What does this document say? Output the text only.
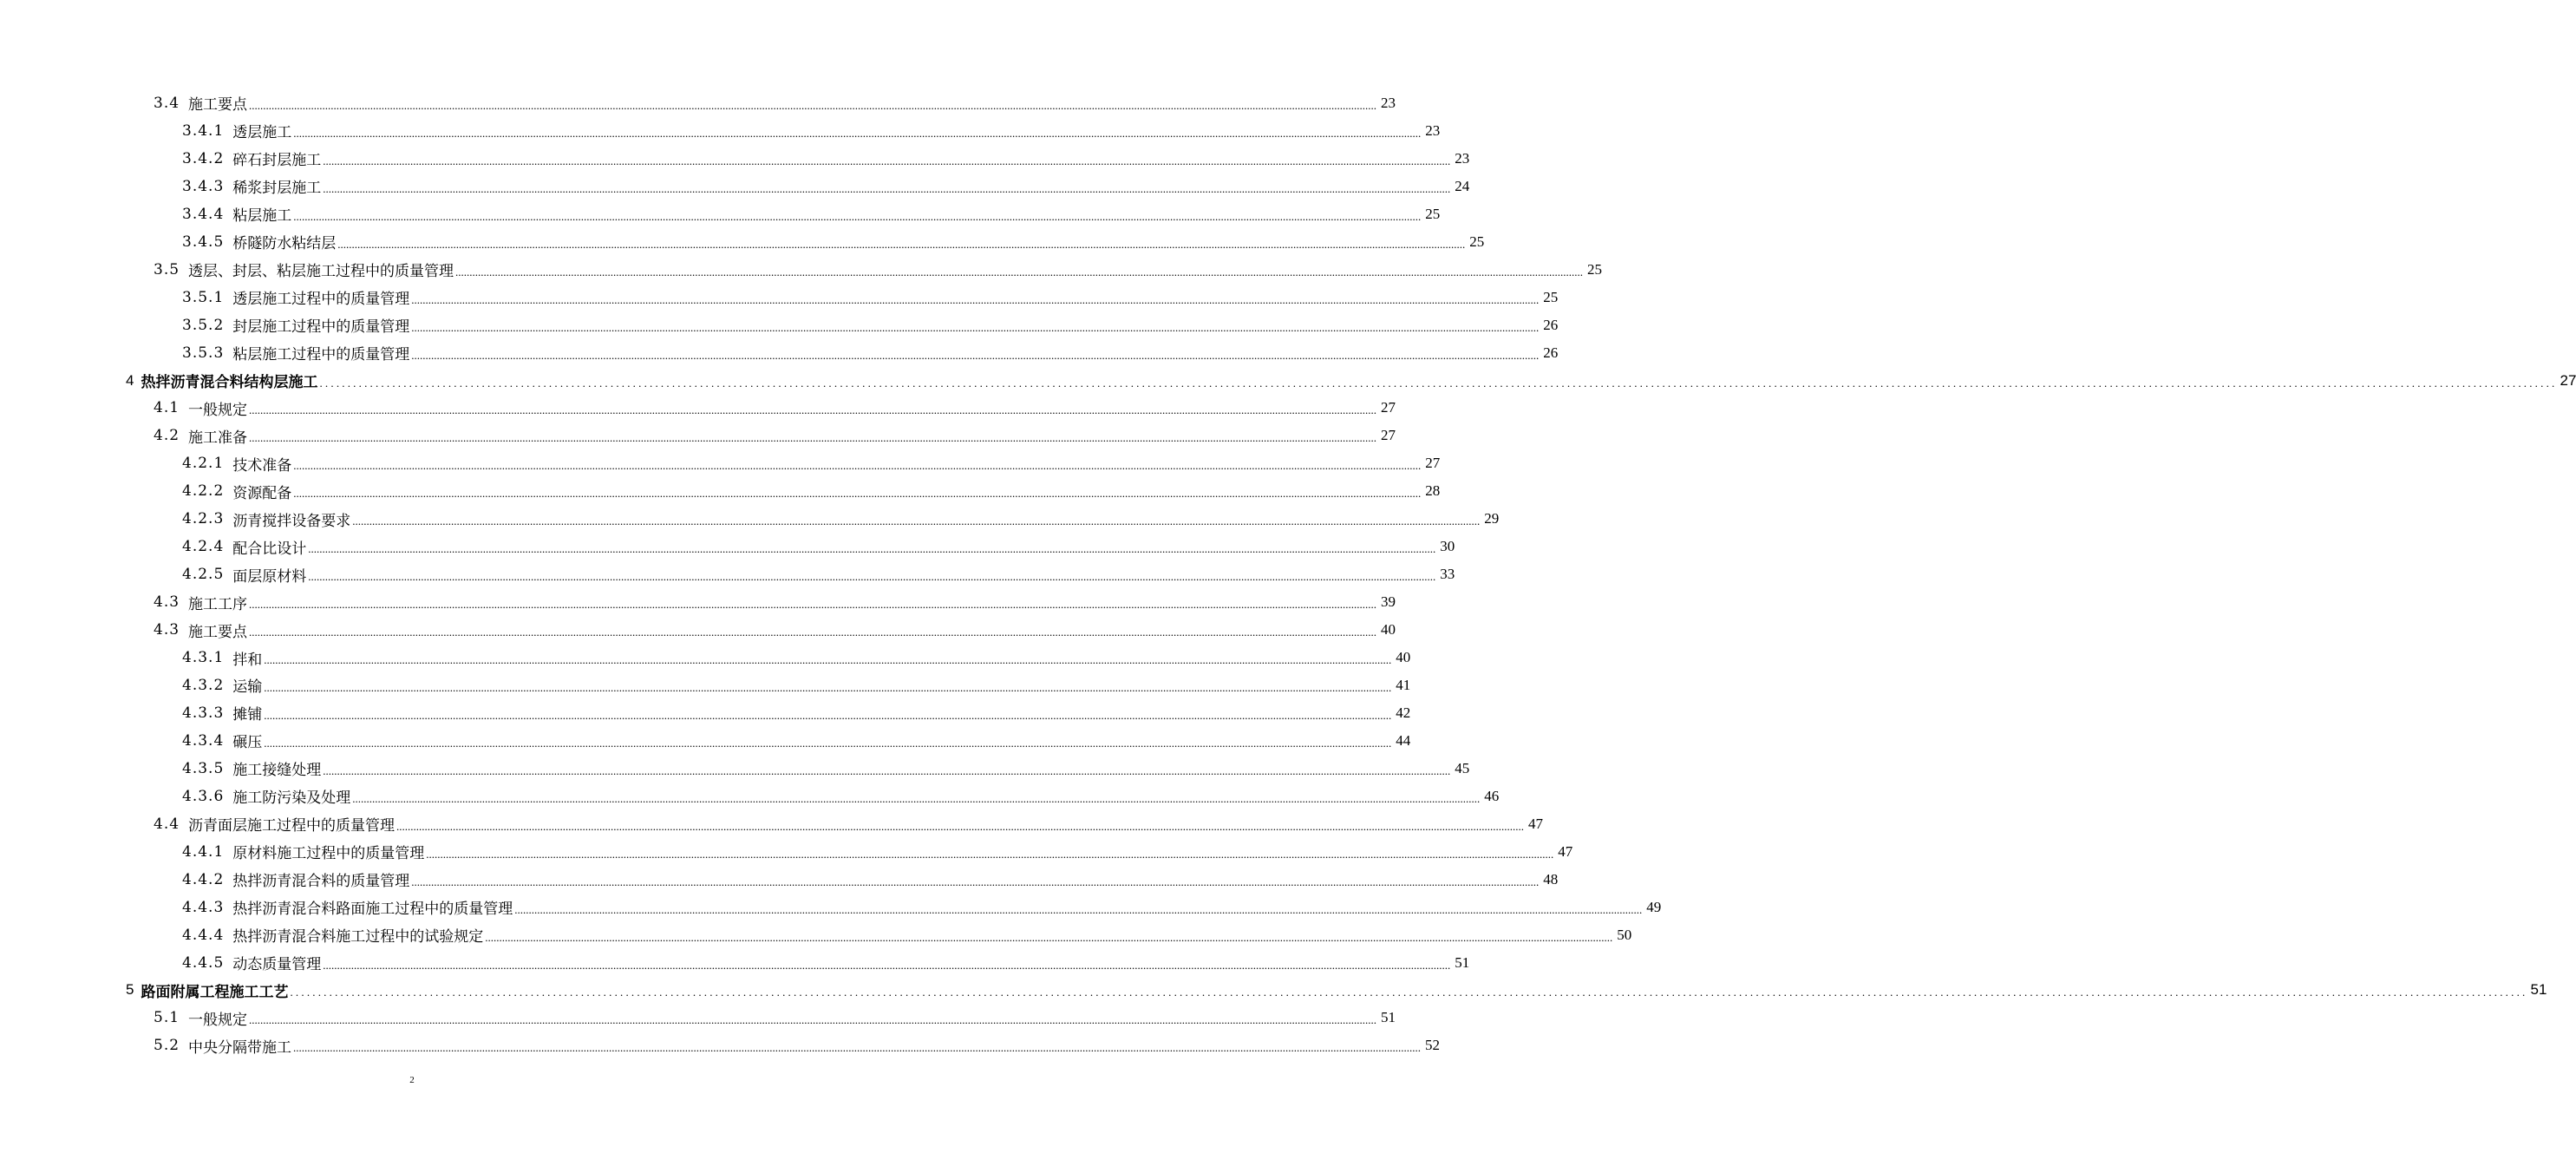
3.4 施工要点 ................................................................................................................................................................................................................................................................................................................................................................................................................ 23
3.4.1 透层施工 ................................................................................................................................................................................................................................................................................................................................................................................................................ 23
3.4.2 碎石封层施工 ................................................................................................................................................................................................................................................................................................................................................................................................................ 23
3.4.3 稀浆封层施工 ................................................................................................................................................................................................................................................................................................................................................................................................................ 24
3.4.4 粘层施工 ................................................................................................................................................................................................................................................................................................................................................................................................................ 25
3.4.5 桥隧防水粘结层 ................................................................................................................................................................................................................................................................................................................................................................................................................ 25
3.5 透层、封层、粘层施工过程中的质量管理 ................................................................................................................................................................................................................................................................................................................................................................................................................ 25
3.5.1 透层施工过程中的质量管理 ................................................................................................................................................................................................................................................................................................................................................................................................................ 25
3.5.2 封层施工过程中的质量管理 ................................................................................................................................................................................................................................................................................................................................................................................................................ 26
3.5.3 粘层施工过程中的质量管理 ................................................................................................................................................................................................................................................................................................................................................................................................................ 26
4 热拌沥青混合料结构层施工 ................................................................................................................................................................................................................................................................................................................................................................................................................ 27
4.1 一般规定 ................................................................................................................................................................................................................................................................................................................................................................................................................ 27
4.2 施工准备 ................................................................................................................................................................................................................................................................................................................................................................................................................ 27
4.2.1 技术准备 ................................................................................................................................................................................................................................................................................................................................................................................................................ 27
4.2.2 资源配备 ................................................................................................................................................................................................................................................................................................................................................................................................................ 28
4.2.3 沥青搅拌设备要求 ................................................................................................................................................................................................................................................................................................................................................................................................................ 29
4.2.4 配合比设计 ................................................................................................................................................................................................................................................................................................................................................................................................................ 30
4.2.5 面层原材料 ................................................................................................................................................................................................................................................................................................................................................................................................................ 33
4.3 施工工序 ................................................................................................................................................................................................................................................................................................................................................................................................................ 39
4.3 施工要点 ................................................................................................................................................................................................................................................................................................................................................................................................................ 40
4.3.1 拌和 ................................................................................................................................................................................................................................................................................................................................................................................................................ 40
4.3.2 运输 ................................................................................................................................................................................................................................................................................................................................................................................................................ 41
4.3.3 摊铺 ................................................................................................................................................................................................................................................................................................................................................................................................................ 42
4.3.4 碾压 ................................................................................................................................................................................................................................................................................................................................................................................................................ 44
4.3.5 施工接缝处理 ................................................................................................................................................................................................................................................................................................................................................................................................................ 45
4.3.6 施工防污染及处理 ................................................................................................................................................................................................................................................................................................................................................................................................................ 46
4.4 沥青面层施工过程中的质量管理 ................................................................................................................................................................................................................................................................................................................................................................................................................ 47
4.4.1 原材料施工过程中的质量管理 ................................................................................................................................................................................................................................................................................................................................................................................................................ 47
4.4.2 热拌沥青混合料的质量管理 ................................................................................................................................................................................................................................................................................................................................................................................................................ 48
4.4.3 热拌沥青混合料路面施工过程中的质量管理 ................................................................................................................................................................................................................................................................................................................................................................................................................ 49
4.4.4 热拌沥青混合料施工过程中的试验规定 ................................................................................................................................................................................................................................................................................................................................................................................................................ 50
4.4.5 动态质量管理 ................................................................................................................................................................................................................................................................................................................................................................................................................ 51
5 路面附属工程施工工艺 ................................................................................................................................................................................................................................................................................................................................................................................................................ 51
5.1 一般规定 ................................................................................................................................................................................................................................................................................................................................................................................................................ 51
5.2 中央分隔带施工 ................................................................................................................................................................................................................................................................................................................................................................................................................ 52
2
